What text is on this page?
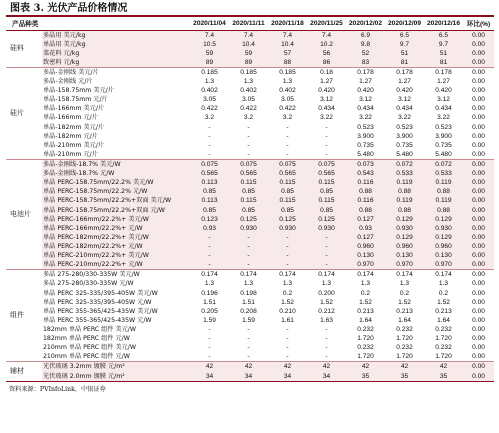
图表 3. 光伏产品价格情况
产品种类		2020/11/04	2020/11/11	2020/11/18	2020/11/25	2020/12/02	2020/12/09	2020/12/16	环比(%)
硅料	多晶用 美元/kg	7.4	7.4	7.4	7.4	6.9	6.5	6.5	0.00
	单晶用 美元/kg	10.5	10.4	10.4	10.2	9.8	9.7	9.7	0.00
	菜花料 元/kg	59	59	57	56	52	51	51	0.00
	致密料 元/kg	89	89	88	86	83	81	81	0.00
硅片	多晶-金刚线 美元/片	0.185	0.185	0.185	0.18	0.178	0.178	0.178	0.00
	多晶-金刚线 元/片	1.3	1.3	1.3	1.27	1.27	1.27	1.27	0.00
	单晶-158.75mm 美元/片	0.402	0.402	0.402	0.420	0.420	0.420	0.420	0.00
	单晶-158.75mm 元/片	3.05	3.05	3.05	3.12	3.12	3.12	3.12	0.00
	单晶-166mm 美元/片	0.422	0.422	0.422	0.434	0.434	0.434	0.434	0.00
	单晶-166mm 元/片	3.2	3.2	3.2	3.22	3.22	3.22	3.22	0.00
	单晶-182mm 美元/片	-	-	-	-	0.523	0.523	0.523	0.00
	单晶-182mm 元/片	-	-	-	-	3.900	3.900	3.900	0.00
	单晶-210mm 美元/片	-	-	-	-	0.735	0.735	0.735	0.00
	单晶-210mm 元/片	-	-	-	-	5.480	5.480	5.480	0.00
电池片	多晶-金刚线-18.7% 美元/W	0.075	0.075	0.075	0.075	0.073	0.072	0.072	0.00
	多晶-金刚线-18.7% 元/W	0.565	0.565	0.565	0.565	0.543	0.533	0.533	0.00
	单晶 PERC-158.75mm/22.2% 美元/W	0.113	0.115	0.115	0.115	0.116	0.119	0.119	0.00
	单晶 PERC-158.75mm/22.2% 元/W	0.85	0.85	0.85	0.85	0.88	0.88	0.88	0.00
	单晶 PERC-158.75mm/22.2%+双面 美元/W	0.113	0.115	0.115	0.115	0.116	0.119	0.119	0.00
	单晶 PERC-158.75mm/22.2%+双面 元/W	0.85	0.85	0.85	0.85	0.88	0.88	0.88	0.00
	单晶 PERC-166mm/22.2%+ 美元/W	0.123	0.125	0.125	0.125	0.127	0.129	0.129	0.00
	单晶 PERC-166mm/22.2%+ 元/W	0.93	0.930	0.930	0.930	0.93	0.930	0.930	0.00
	单晶 PERC-182mm/22.2%+ 美元/W	-	-	-	-	0.127	0.129	0.129	0.00
	单晶 PERC-182mm/22.2%+ 元/W	-	-	-	-	0.960	0.960	0.960	0.00
	单晶 PERC-210mm/22.2%+ 美元/W	-	-	-	-	0.130	0.130	0.130	0.00
	单晶 PERC-210mm/22.2%+ 元/W	-	-	-	-	0.970	0.970	0.970	0.00
组件	多晶 275-280/330-335W 美元/W	0.174	0.174	0.174	0.174	0.174	0.174	0.174	0.00
	多晶 275-280/330-335W 元/W	1.3	1.3	1.3	1.3	1.3	1.3	1.3	0.00
	单晶 PERC 325-335/395-405W 美元/W	0.196	0.198	0.2	0.200	0.2	0.2	0.2	0.00
	单晶 PERC 325-335/395-405W 元/W	1.51	1.51	1.52	1.52	1.52	1.52	1.52	0.00
	单晶 PERC 355-365/425-435W 美元/W	0.205	0.208	0.210	0.212	0.213	0.213	0.213	0.00
	单晶 PERC 355-365/425-435W 元/W	1.59	1.59	1.61	1.63	1.64	1.64	1.64	0.00
	182mm 单晶 PERC 组件 美元/W	-	-	-	-	0.232	0.232	0.232	0.00
	182mm 单晶 PERC 组件 元/W	-	-	-	-	1.720	1.720	1.720	0.00
	210mm 单晶 PERC 组件 美元/W	-	-	-	-	0.232	0.232	0.232	0.00
	210mm 单晶 PERC 组件 元/W	-	-	-	-	1.720	1.720	1.720	0.00
辅材	光伏玻璃 3.2mm 镀膜 元/m²	42	42	42	42	42	42	42	0.00
	光伏玻璃 2.0mm 镀膜 元/m²	34	34	34	34	35	35	35	0.00
资料来源：PVInfoLink，中银证券
